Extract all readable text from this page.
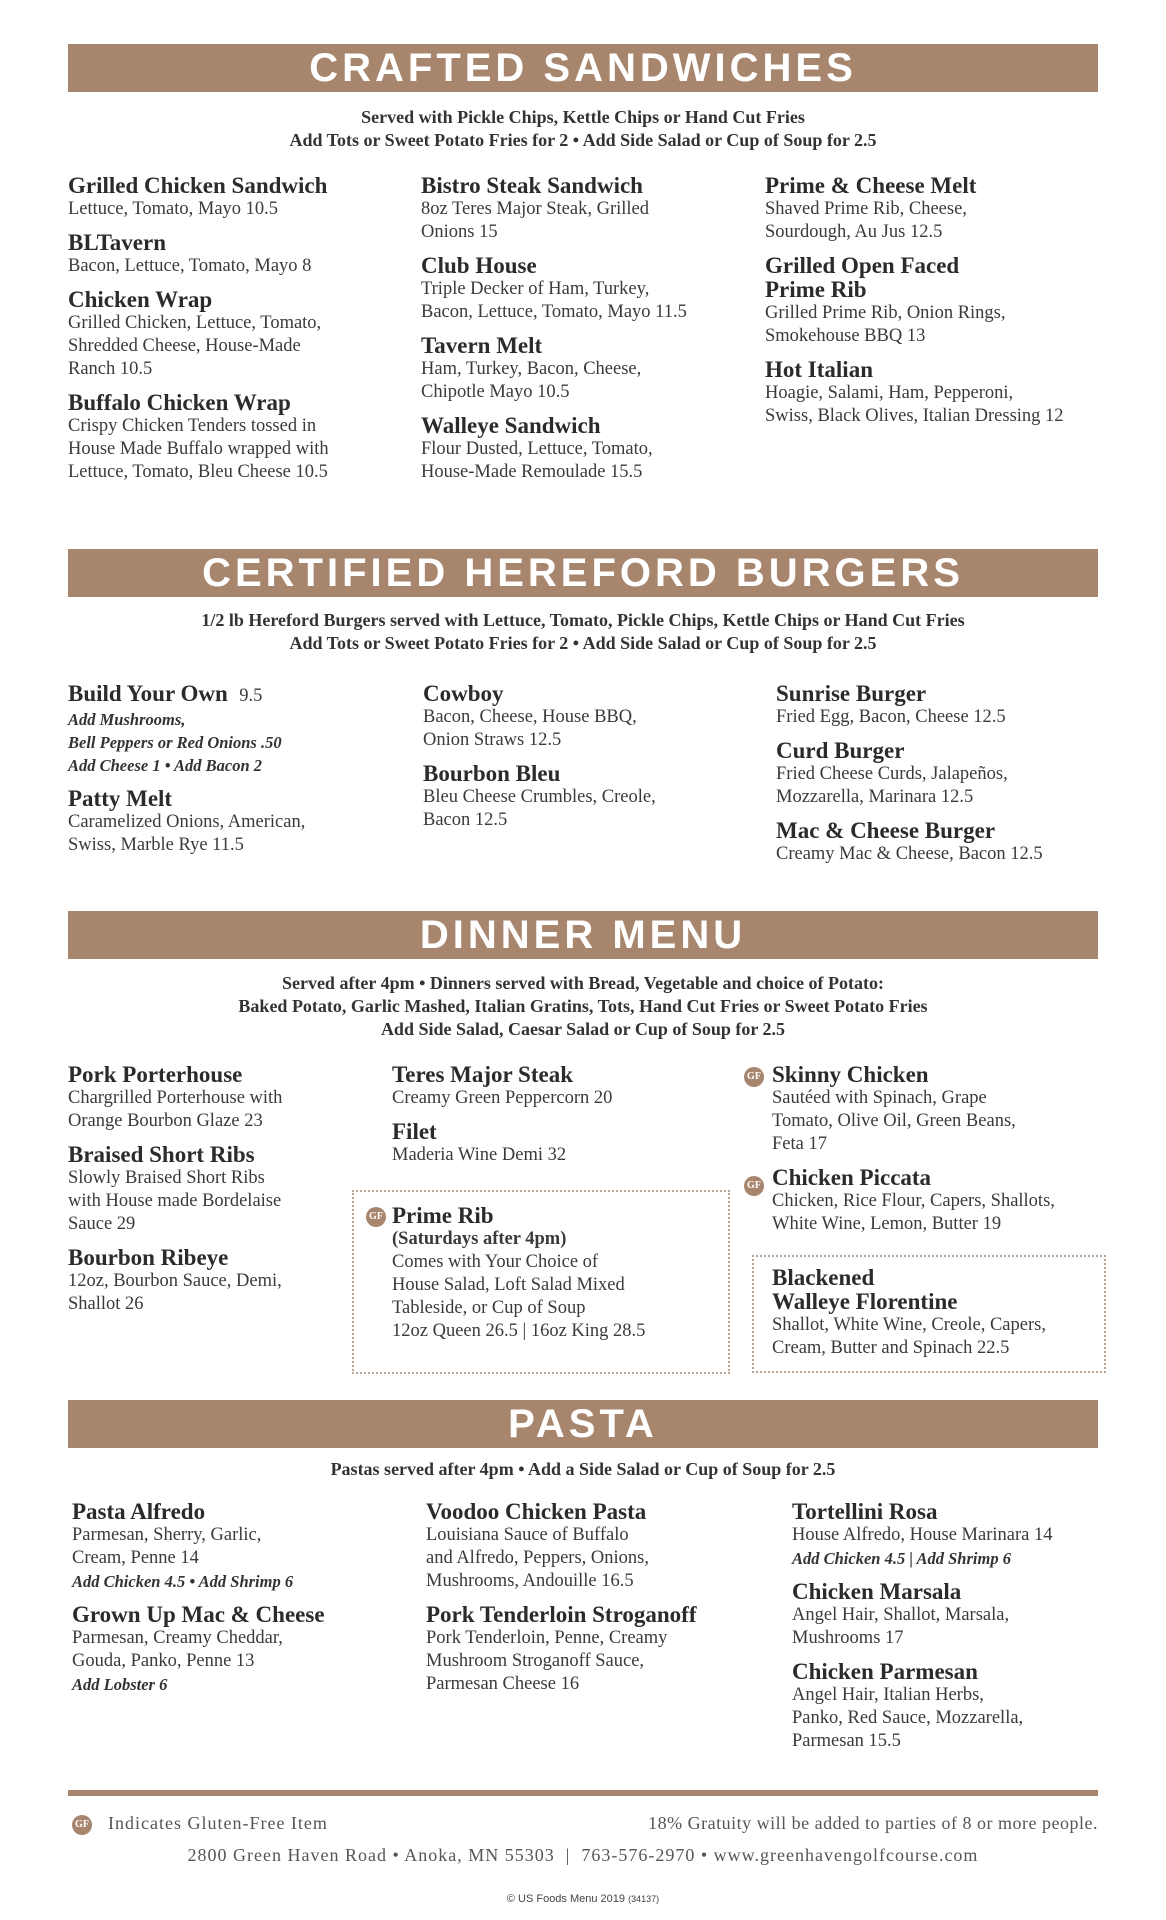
CRAFTED SANDWICHES
Served with Pickle Chips, Kettle Chips or Hand Cut Fries
Add Tots or Sweet Potato Fries for 2 • Add Side Salad or Cup of Soup for 2.5
Grilled Chicken Sandwich
Lettuce, Tomato, Mayo 10.5
BLTavern
Bacon, Lettuce, Tomato, Mayo 8
Chicken Wrap
Grilled Chicken, Lettuce, Tomato,
Shredded Cheese, House-Made
Ranch 10.5
Buffalo Chicken Wrap
Crispy Chicken Tenders tossed in
House Made Buffalo wrapped with
Lettuce, Tomato, Bleu Cheese 10.5
Bistro Steak Sandwich
8oz Teres Major Steak, Grilled
Onions 15
Club House
Triple Decker of Ham, Turkey,
Bacon, Lettuce, Tomato, Mayo 11.5
Tavern Melt
Ham, Turkey, Bacon, Cheese,
Chipotle Mayo 10.5
Walleye Sandwich
Flour Dusted, Lettuce, Tomato,
House-Made Remoulade 15.5
Prime & Cheese Melt
Shaved Prime Rib, Cheese,
Sourdough, Au Jus 12.5
Grilled Open Faced
Prime Rib
Grilled Prime Rib, Onion Rings,
Smokehouse BBQ 13
Hot Italian
Hoagie, Salami, Ham, Pepperoni,
Swiss, Black Olives, Italian Dressing 12
CERTIFIED HEREFORD BURGERS
1/2 lb Hereford Burgers served with Lettuce, Tomato, Pickle Chips, Kettle Chips or Hand Cut Fries
Add Tots or Sweet Potato Fries for 2 • Add Side Salad or Cup of Soup for 2.5
Build Your Own 9.5
Add Mushrooms,
Bell Peppers or Red Onions .50
Add Cheese 1 • Add Bacon 2
Patty Melt
Caramelized Onions, American,
Swiss, Marble Rye 11.5
Cowboy
Bacon, Cheese, House BBQ,
Onion Straws 12.5
Bourbon Bleu
Bleu Cheese Crumbles, Creole,
Bacon 12.5
Sunrise Burger
Fried Egg, Bacon, Cheese 12.5
Curd Burger
Fried Cheese Curds, Jalapeños,
Mozzarella, Marinara 12.5
Mac & Cheese Burger
Creamy Mac & Cheese, Bacon 12.5
DINNER MENU
Served after 4pm • Dinners served with Bread, Vegetable and choice of Potato:
Baked Potato, Garlic Mashed, Italian Gratins, Tots, Hand Cut Fries or Sweet Potato Fries
Add Side Salad, Caesar Salad or Cup of Soup for 2.5
Pork Porterhouse
Chargrilled Porterhouse with
Orange Bourbon Glaze 23
Braised Short Ribs
Slowly Braised Short Ribs
with House made Bordelaise
Sauce 29
Bourbon Ribeye
12oz, Bourbon Sauce, Demi,
Shallot 26
Teres Major Steak
Creamy Green Peppercorn 20
Filet
Maderia Wine Demi 32
GF Prime Rib
(Saturdays after 4pm)
Comes with Your Choice of
House Salad, Loft Salad Mixed
Tableside, or Cup of Soup
12oz Queen 26.5 | 16oz King 28.5
GF
GF
Skinny Chicken
Sautéed with Spinach, Grape
Tomato, Olive Oil, Green Beans,
Feta 17
Chicken Piccata
Chicken, Rice Flour, Capers, Shallots,
White Wine, Lemon, Butter 19
Blackened
Walleye Florentine
Shallot, White Wine, Creole, Capers,
Cream, Butter and Spinach 22.5
PASTA
Pastas served after 4pm • Add a Side Salad or Cup of Soup for 2.5
Pasta Alfredo
Parmesan, Sherry, Garlic,
Cream, Penne 14
Add Chicken 4.5 • Add Shrimp 6
Grown Up Mac & Cheese
Parmesan, Creamy Cheddar,
Gouda, Panko, Penne 13
Add Lobster 6
Voodoo Chicken Pasta
Louisiana Sauce of Buffalo
and Alfredo, Peppers, Onions,
Mushrooms, Andouille 16.5
Pork Tenderloin Stroganoff
Pork Tenderloin, Penne, Creamy
Mushroom Stroganoff Sauce,
Parmesan Cheese 16
Tortellini Rosa
House Alfredo, House Marinara 14
Add Chicken 4.5 | Add Shrimp 6
Chicken Marsala
Angel Hair, Shallot, Marsala,
Mushrooms 17
Chicken Parmesan
Angel Hair, Italian Herbs,
Panko, Red Sauce, Mozzarella,
Parmesan 15.5
GF Indicates Gluten-Free Item	18% Gratuity will be added to parties of 8 or more people.
2800 Green Haven Road • Anoka, MN 55303  |  763-576-2970 • www.greenhavengolfcourse.com
© US Foods Menu 2019 (34137)
